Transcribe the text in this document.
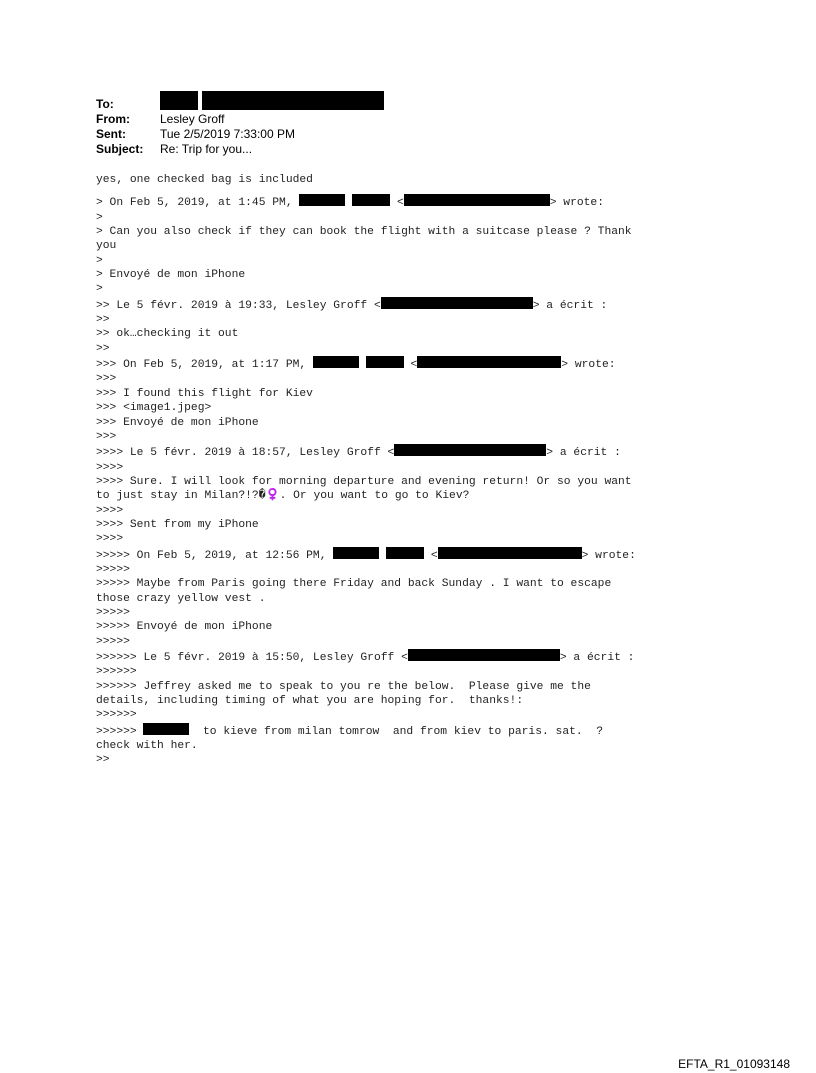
To:
From:	Lesley Groff
Sent:	Tue 2/5/2019 7:33:00 PM
Subject: Re: Trip for you...
yes, one checked bag is included
> On Feb 5, 2019, at 1:45 PM,	<	> wrote:
>
> Can you also check if they can book the flight with a suitcase please ? Thank
you
>
> Envoyé de mon iPhone
>
>> Le 5 févr. 2019 à 19:33, Lesley Groff <	> a écrit :
>>
>> ok…checking it out
>>
>>> On Feb 5, 2019, at 1:17 PM,	<	> wrote:
>>>
>>> I found this flight for Kiev
>>> <image1.jpeg>
>>> Envoyé de mon iPhone
>>>
>>>> Le 5 févr. 2019 à 18:57, Lesley Groff <	> a écrit :
>>>>
>>>> Sure. I will look for morning departure and evening return! Or so you want
to just stay in Milan?!?�♀️. Or you want to go to Kiev?
>>>>
>>>> Sent from my iPhone
>>>>
>>>>> On Feb 5, 2019, at 12:56 PM,	<	> wrote:
>>>>>
>>>>> Maybe from Paris going there Friday and back Sunday . I want to escape
those crazy yellow vest .
>>>>>
>>>>> Envoyé de mon iPhone
>>>>>
>>>>>> Le 5 févr. 2019 à 15:50, Lesley Groff <	> a écrit :
>>>>>>
>>>>>> Jeffrey asked me to speak to you re the below.  Please give me the
details, including timing of what you are hoping for.  thanks!:
>>>>>>
>>>>>>	to kieve from milan tomrow  and from kiev to paris. sat.  ?
check with her.
>>
EFTA_R1_01093148
